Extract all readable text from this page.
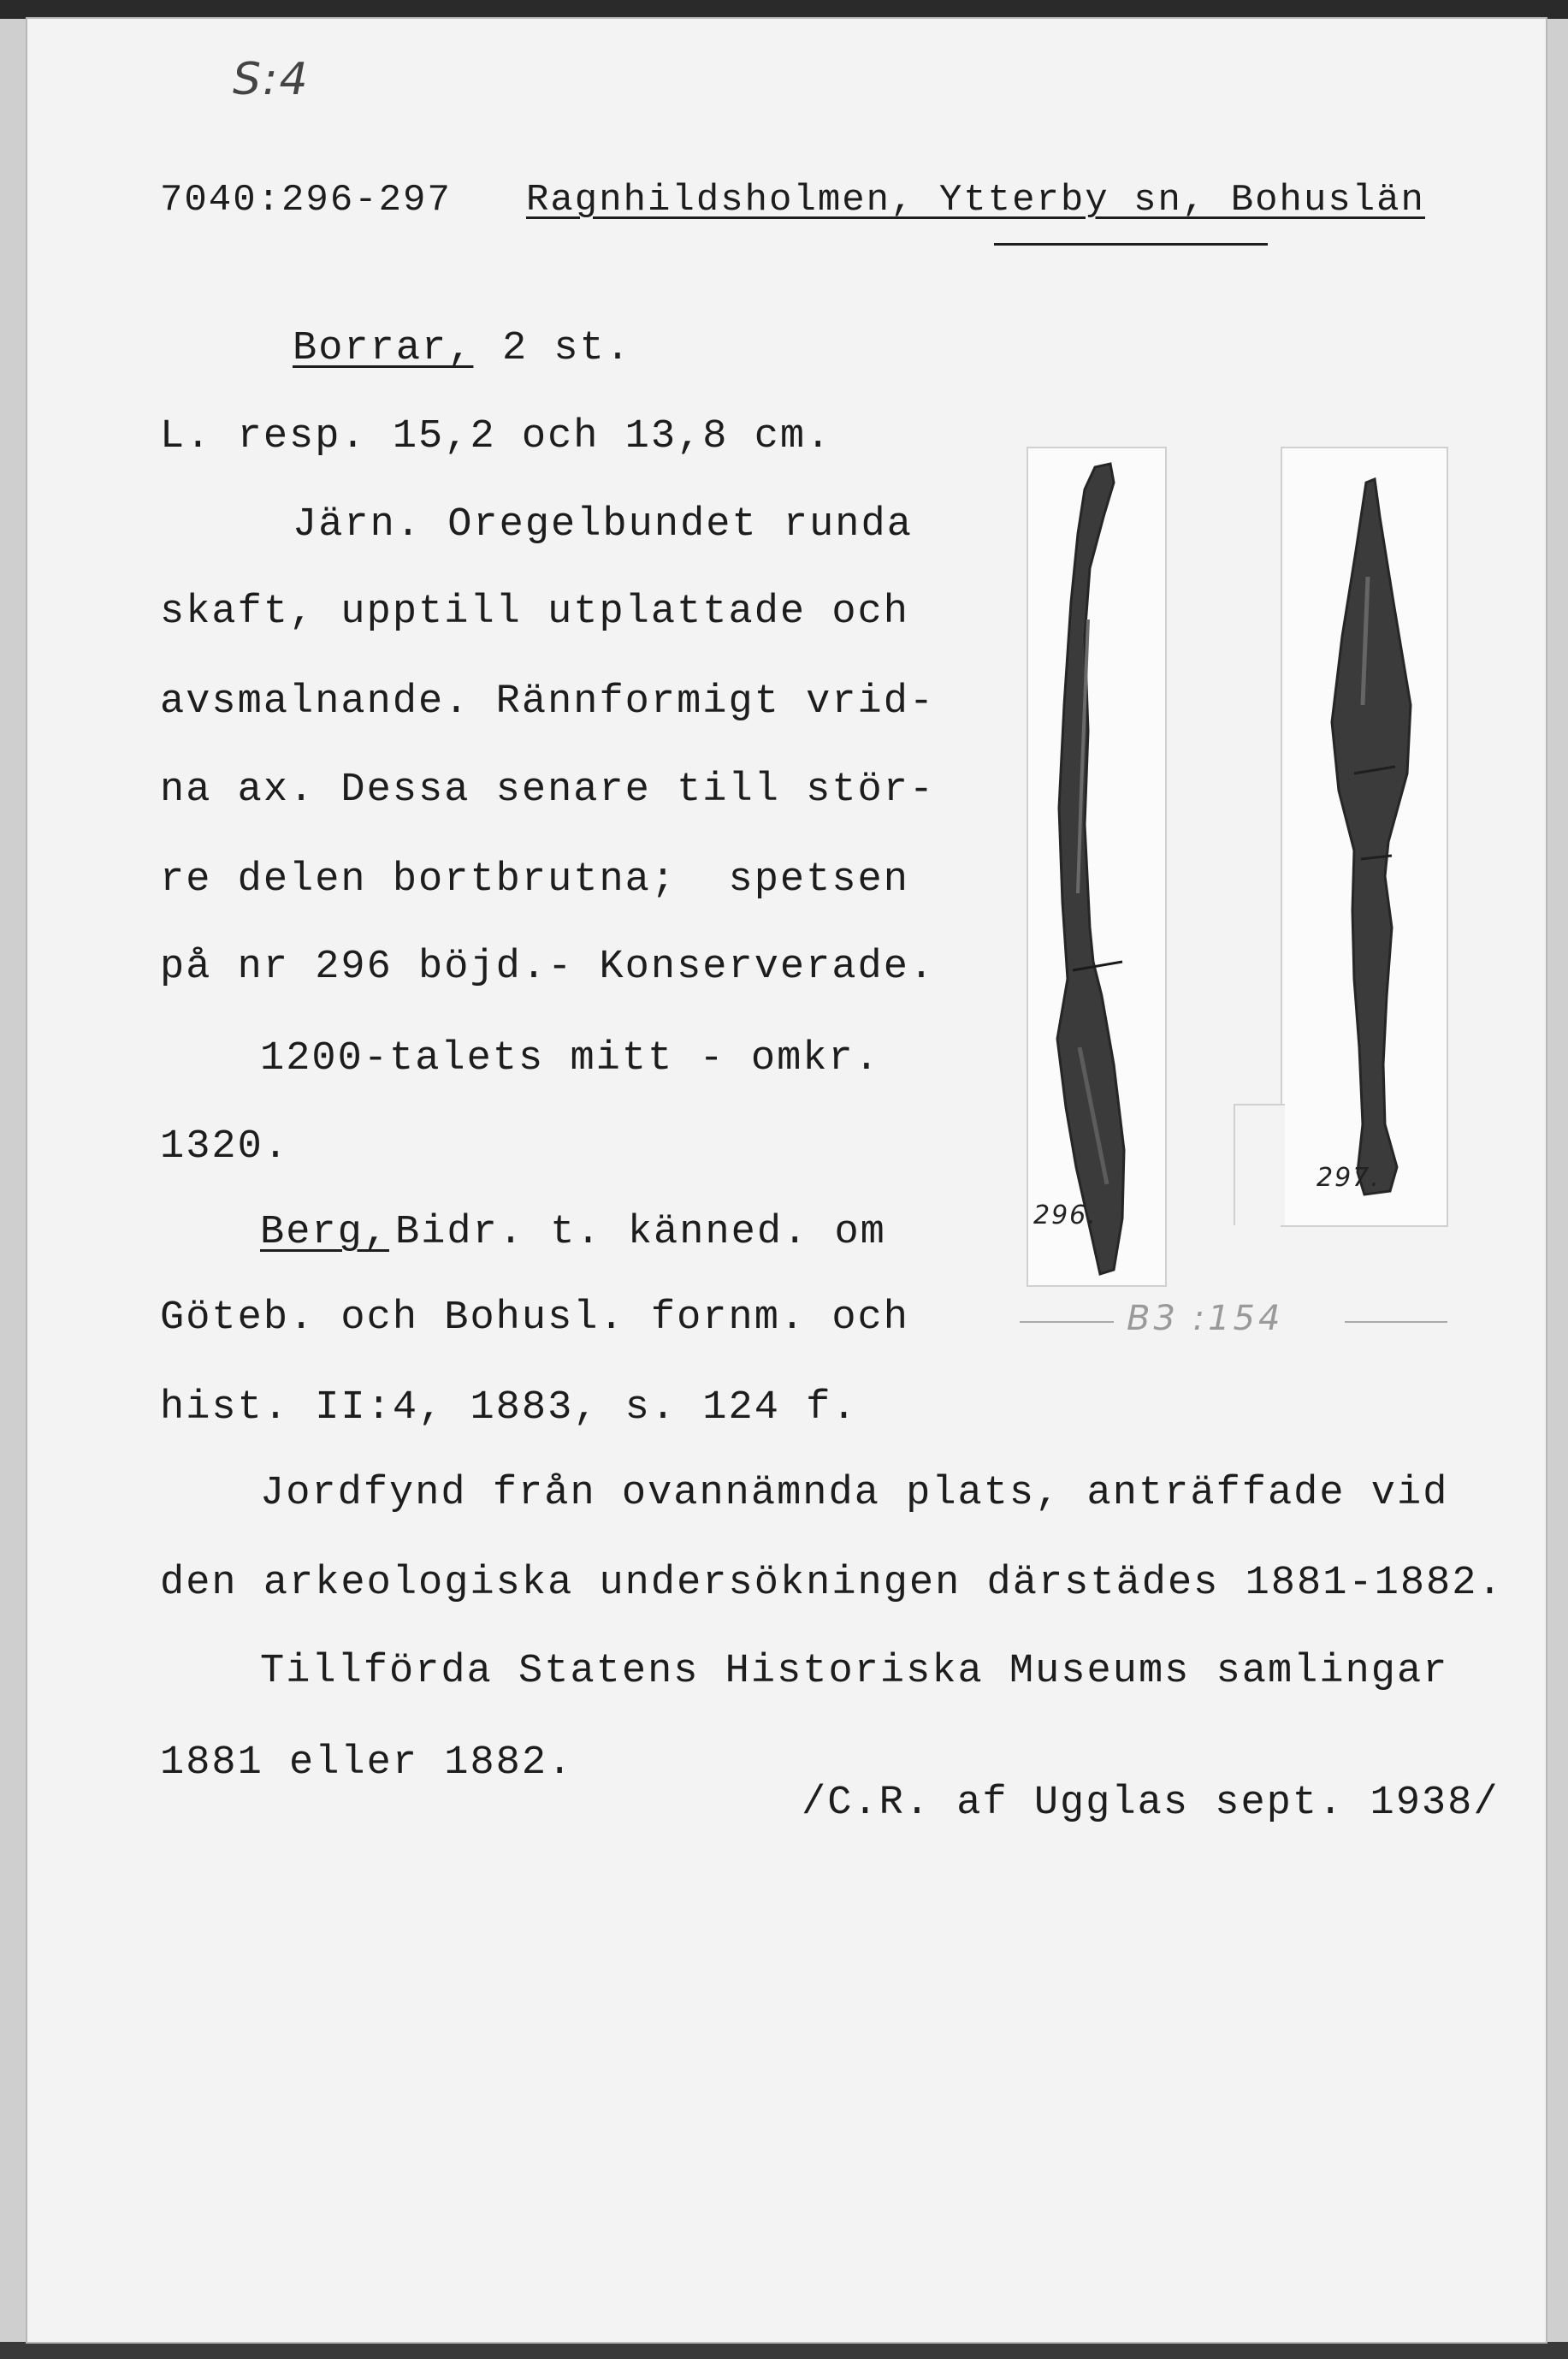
S:4
7040:296-297 Ragnhildsholmen, Ytterby sn, Bohuslän
Borrar, 2 st.
L. resp. 15,2 och 13,8 cm.
Järn. Oregelbundet runda
skaft, upptill utplattade och
avsmalnande. Rännformigt vrid-
na ax. Dessa senare till stör-
re delen bortbrutna;  spetsen
på nr 296 böjd.- Konserverade.
1200-talets mitt - omkr.
1320.
Berg, Bidr. t. känned. om
Göteb. och Bohusl. fornm. och
hist. II:4, 1883, s. 124 f.
B3 :154
Jordfynd från ovannämnda plats, anträffade vid
den arkeologiska undersökningen därstädes 1881-1882.
Tillförda Statens Historiska Museums samlingar
1881 eller 1882.
/C.R. af Ugglas sept. 1938/
296.
297.
